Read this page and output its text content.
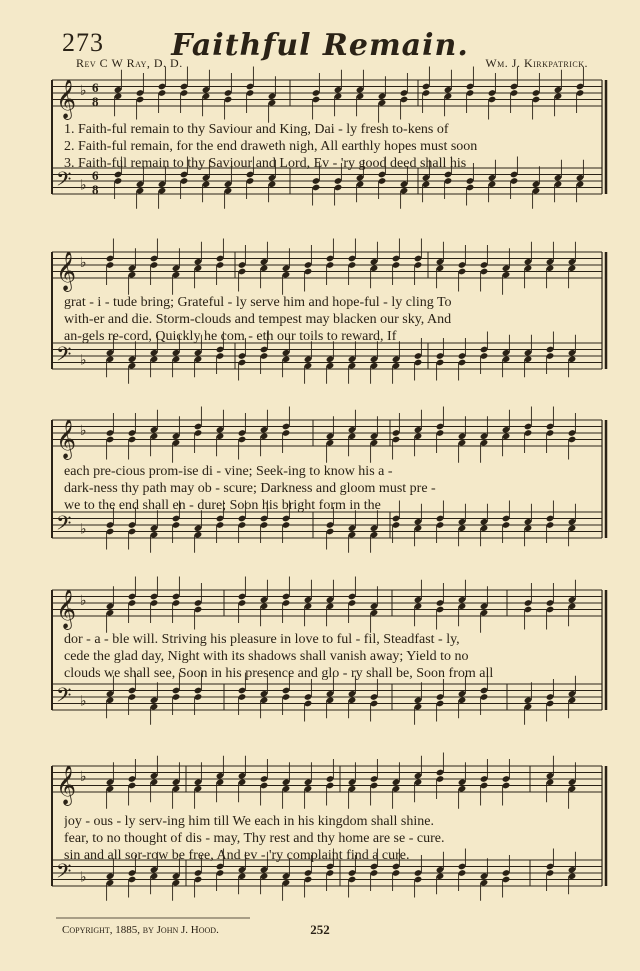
273	Faithful Remain.
Rev C W Ray, D. D.	Wm. J. Kirkpatrick.
𝄞 ♭ 6
8
𝄢 ♭
6
8
𝄞 ♭
𝄢 ♭
𝄞 ♭
𝄢 ♭
𝄞 ♭
𝄢 ♭
𝄞 ♭
𝄢 ♭
1. Faith-ful remain to thy Saviour and King, Dai - ly fresh to-kens of
2. Faith-ful remain, for the end draweth nigh, All earthly hopes must soon
3. Faith-ful remain to thy Saviour and Lord, Ev - 'ry good deed shall his
grat - i - tude bring; Grateful - ly serve him and hope-ful - ly cling To
with-er and die. Storm-clouds and tempest may blacken our sky, And
an-gels re-cord, Quickly he com - eth our toils to reward, If
each pre-cious prom-ise di - vine; Seek-ing to know his a -
dark-ness thy path may ob - scure; Darkness and gloom must pre -
we to the end shall en - dure; Soon his bright form in the
dor - a - ble will. Striving his pleasure in love to ful - fil, Steadfast - ly,
cede the glad day, Night with its shadows shall vanish away; Yield to no
clouds we shall see, Soon in his presence and glo - ry shall be, Soon from all
joy - ous - ly serv-ing him till We each in his kingdom shall shine.
fear, to no thought of dis - may, Thy rest and thy home are se - cure.
sin and all sor-row be free, And ev - 'ry complaint find a cure.
Copyright, 1885, by John J. Hood.	252
